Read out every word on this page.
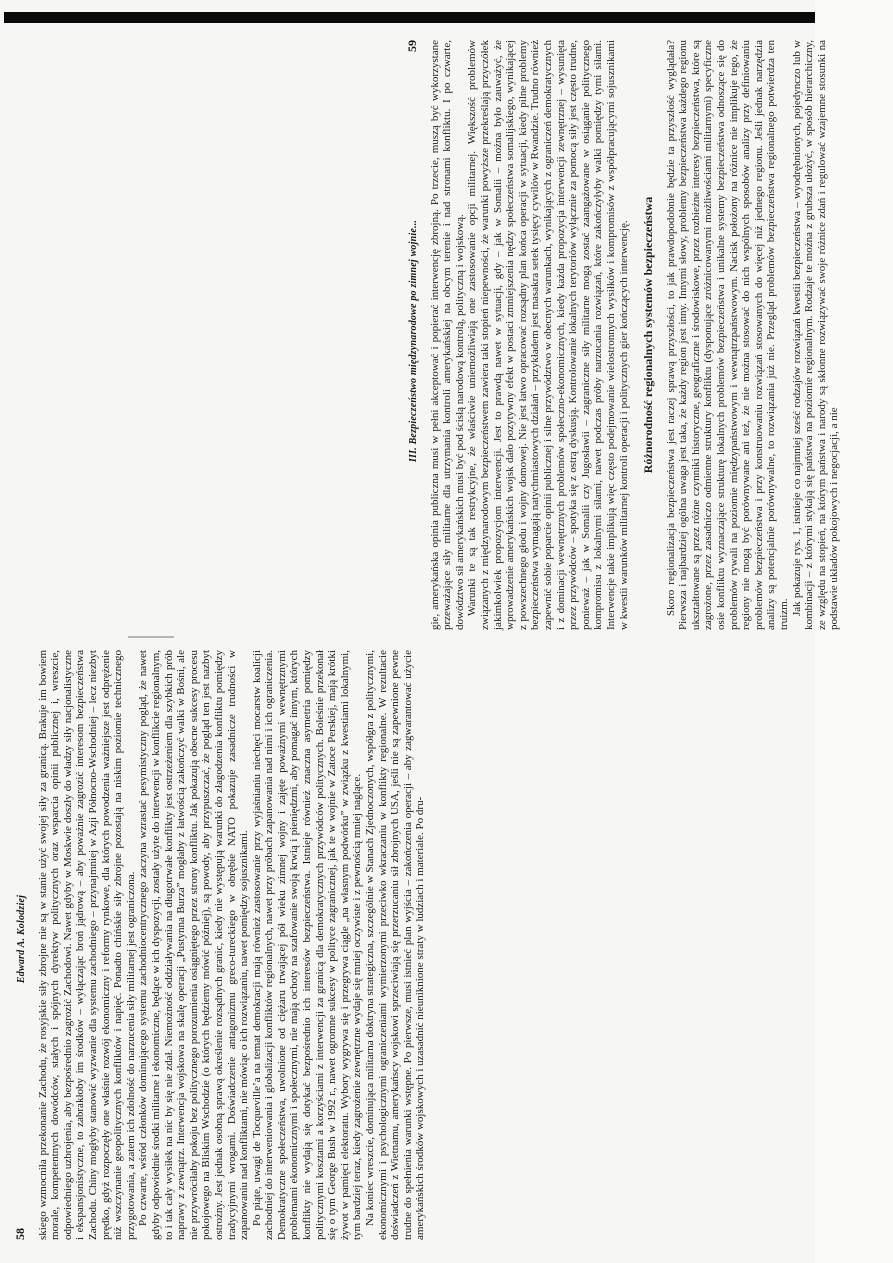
58
Edward A. Kolodziej skiego wzmocniła przekonanie Zachodu, że rosyjskie siły zbrojne nie są w stanie użyć swojej siły za granicą. Brakuje im bowiem morale, kompetentnych dowódców, stałych i spójnych dyrektyw politycznych oraz wsparcia opinii publicznej i, wreszcie, odpowiedniego uzbrojenia, aby bezpośrednio zagrozić Zachodowi. Nawet gdyby w Moskwie doszły do władzy siły nacjonalistyczne i ekspansjonistyczne, to zabrakłoby im środków – wyłączając broń jądrową – aby poważnie zagrozić interesom bezpieczeństwa Zachodu. Chiny mogłyby stanowić wyzwanie dla systemu zachodniego – przynajmniej w Azji Północno-Wschodniej – lecz niezbyt prędko, gdyż rozpoczęły one właśnie rozwój ekonomiczny i reformy rynkowe, dla których powodzenia ważniejsze jest odprężenie niż wszczynanie geopolitycznych konfliktów i napięć. Ponadto chińskie siły zbrojne pozostają na niskim poziomie technicznego przygotowania, a zatem ich zdolność do narzucenia siły militarnej jest ograniczona. Po czwarte, wśród członków dominującego systemu zachodniocentrycznego zaczyna wzrastać pesymistyczny pogląd, że nawet gdyby odpowiednie środki militarne i ekonomiczne, będące w ich dyspozycji, zostały użyte do interwencji w konflikcie regionalnym, to i tak cały wysiłek na nic by się nie zdał. Niemożność oddziaływania na długotrwałe konflikty jest ostrzeżeniem dla szybkich prób naprawy z zewnątrz. Interwencja wojskowa na skalę operacji „Pustynna Burza” mogłaby z łatwością zakończyć walki w Bośni, ale nie przywróciłaby pokoju bez politycznego porozumienia osiągniętego przez strony konfliktu. Jak pokazują obecne sukcesy procesu pokojowego na Bliskim Wschodzie (o których będziemy mówić później), są powody, aby przypuszczać, że pogląd ten jest nazbyt ostrożny. Jest jednak osobną sprawą określenie rozsądnych granic, kiedy nie występują warunki do złagodzenia konfliktu pomiędzy tradycyjnymi wrogami. Doświadczenie antagonizmu greco-tureckiego w obrębie NATO pokazuje zasadnicze trudności w zapanowaniu nad konfliktami, nie mówiąc o ich rozwiązaniu, nawet pomiędzy sojusznikami. Po piąte, uwagi de Tocqueville’a na temat demokracji mają również zastosowanie przy wyjaśnianiu niechęci mocarstw koalicji zachodniej do interweniowania i globalizacji konfliktów regionalnych, nawet przy próbach zapanowania nad nimi i ich ograniczenia. Demokratyczne społeczeństwa, uwolnione od ciężaru trwającej pół wieku zimnej wojny i zajęte poważnymi wewnętrznymi problemami ekonomicznymi i społecznymi, nie mają ochoty na szafowanie swoją krwią i pieniędzmi, aby pomagać innym, których konflikty nie wydają się dotykać bezpośrednio ich interesów bezpieczeństwa. Istnieje również znaczna asymetria pomiędzy politycznymi kosztami a korzyściami z interwencji za granicą dla demokratycznych przywódców politycznych. Boleśnie przekonał się o tym George Bush w 1992 r., nawet ogromne sukcesy w polityce zagranicznej, jak te w wojnie w Zatoce Perskiej, mają krótki żywot w pamięci elektoratu. Wybory wygrywa się i przegrywa ciągle „na własnym podwórku” w związku z kwestiami lokalnymi, tym bardziej teraz, kiedy zagrożenie zewnętrzne wydaje się mniej oczywiste i z pewnością mniej naglące. Na koniec wreszcie, dominująca militarna doktryna strategiczna, szczególnie w Stanach Zjednoczonych, współgra z politycznymi, ekonomicznymi i psychologicznymi ograniczeniami wymierzonymi przeciwko wkraczaniu w konflikty regionalne. W rezultacie doświadczeń z Wietnamu, amerykańscy wojskowi sprzeciwiają się przerzucaniu sił zbrojnych USA, jeśli nie są zapewnione pewne trudne do spełnienia warunki wstępne. Po pierwsze, musi istnieć plan wyjścia – zakończenia operacji – aby zagwarantować użycie amerykańskich środków wojskowych i uzasadnić nieuniknione straty w ludziach i materiale. Po dru-

III. Bezpieczeństwo międzynarodowe po zimnej wojnie...
59 gie, amerykańska opinia publiczna musi w pełni akceptować i popierać interwencję zbrojną. Po trzecie, muszą być wykorzystane przeważające siły militarne dla utrzymania kontroli amerykańskiej na obcym terenie i nad stronami konfliktu. I po czwarte, dowództwo sił amerykańskich musi być pod ścisłą narodową kontrolą, polityczną i wojskową. Warunki te są tak restrykcyjne, że właściwie uniemożliwiają one zastosowanie opcji militarnej. Większość problemów związanych z międzynarodowym bezpieczeństwem zawiera taki stopień niepewności, że warunki powyższe przekreślają przyczółek jakimkolwiek propozycjom interwencji. Jest to prawdą nawet w sytuacji, gdy – jak w Somalii – można było zauważyć, że wprowadzenie amerykańskich wojsk dało pozytywny efekt w postaci zmniejszenia nędzy społeczeństwa somalijskiego, wynikającej z powszechnego głodu i wojny domowej. Nie jest łatwo opracować rozsądny plan końca operacji w sytuacji, kiedy pilne problemy bezpieczeństwa wymagają natychmiastowych działań – przykładem jest masakra setek tysięcy cywilów w Rwandzie. Trudno również zapewnić sobie poparcie opinii publicznej i silne przywództwo w obecnych warunkach, wynikających z ograniczeń demokratycznych i z dominacji wewnętrznych problemów społeczno-ekonomicznych, kiedy każda propozycja interwencji zewnętrznej – wysunięta przez przywódców – spotyka się z ostrą dyskusją. Kontrolowanie lokalnych terytoriów wyłącznie za pomocą siły jest często trudne, ponieważ – jak w Somalii czy Jugosławii – zagraniczne siły militarne mogą zostać zaangażowane w osiąganie politycznego kompromisu z lokalnymi siłami, nawet podczas próby narzucania rozwiązań, które zakończyłyby walki pomiędzy tymi siłami. Interwencje takie implikują więc często podejmowanie wielostronnych wysiłków i kompromisów z współpracującymi sojusznikami w kwestii warunków militarnej kontroli operacji i politycznych gier kończących interwencję. Różnorodność regionalnych systemów bezpieczeństwa Skoro regionalizacja bezpieczeństwa jest raczej sprawą przyszłości, to jak prawdopodobnie będzie ta przyszłość wyglądała? Pierwsza i najbardziej ogólna uwaga jest taka, że każdy region jest inny. Innymi słowy, problemy bezpieczeństwa każdego regionu ukształtowane są przez różne czynniki historyczne, geograficzne i środowiskowe, przez rozbieżne interesy bezpieczeństwa, które są zagrożone, przez zasadniczo odmienne struktury konfliktu (dysponujące zróżnicowanymi możliwościami militarnymi) specyficzne osie konfliktu wyznaczające strukturę lokalnych problemów bezpieczeństwa i unikalne systemy bezpieczeństwa odnoszące się do problemów rywali na poziomie międzypaństwowym i wewnątrzpaństwowym. Nacisk położony na różnice nie implikuje tego, że regiony nie mogą być porównywane ani też, że nie można stosować do nich wspólnych sposobów analizy przy definiowaniu problemów bezpieczeństwa i przy konstruowaniu rozwiązań stosowanych do więcej niż jednego regionu. Jeśli jednak narzędzia analizy są potencjalnie porównywalne, to rozwiązania już nie. Przegląd problemów bezpieczeństwa regionalnego potwierdza ten truizm. Jak pokazuje rys. 1, istnieje co najmniej sześć rodzajów rozwiązań kwestii bezpieczeństwa – wyodrębnionych, pojedynczo lub w kombinacji – z którymi stykają się państwa na poziomie regionalnym. Rodzaje te można z grubsza ułożyć, w sposób hierarchiczny, ze względu na stopień, na którym państwa i narody są skłonne rozwiązywać swoje różnice zdań i regulować wzajemne stosunki na podstawie układów pokojowych i negocjacji, a nie
